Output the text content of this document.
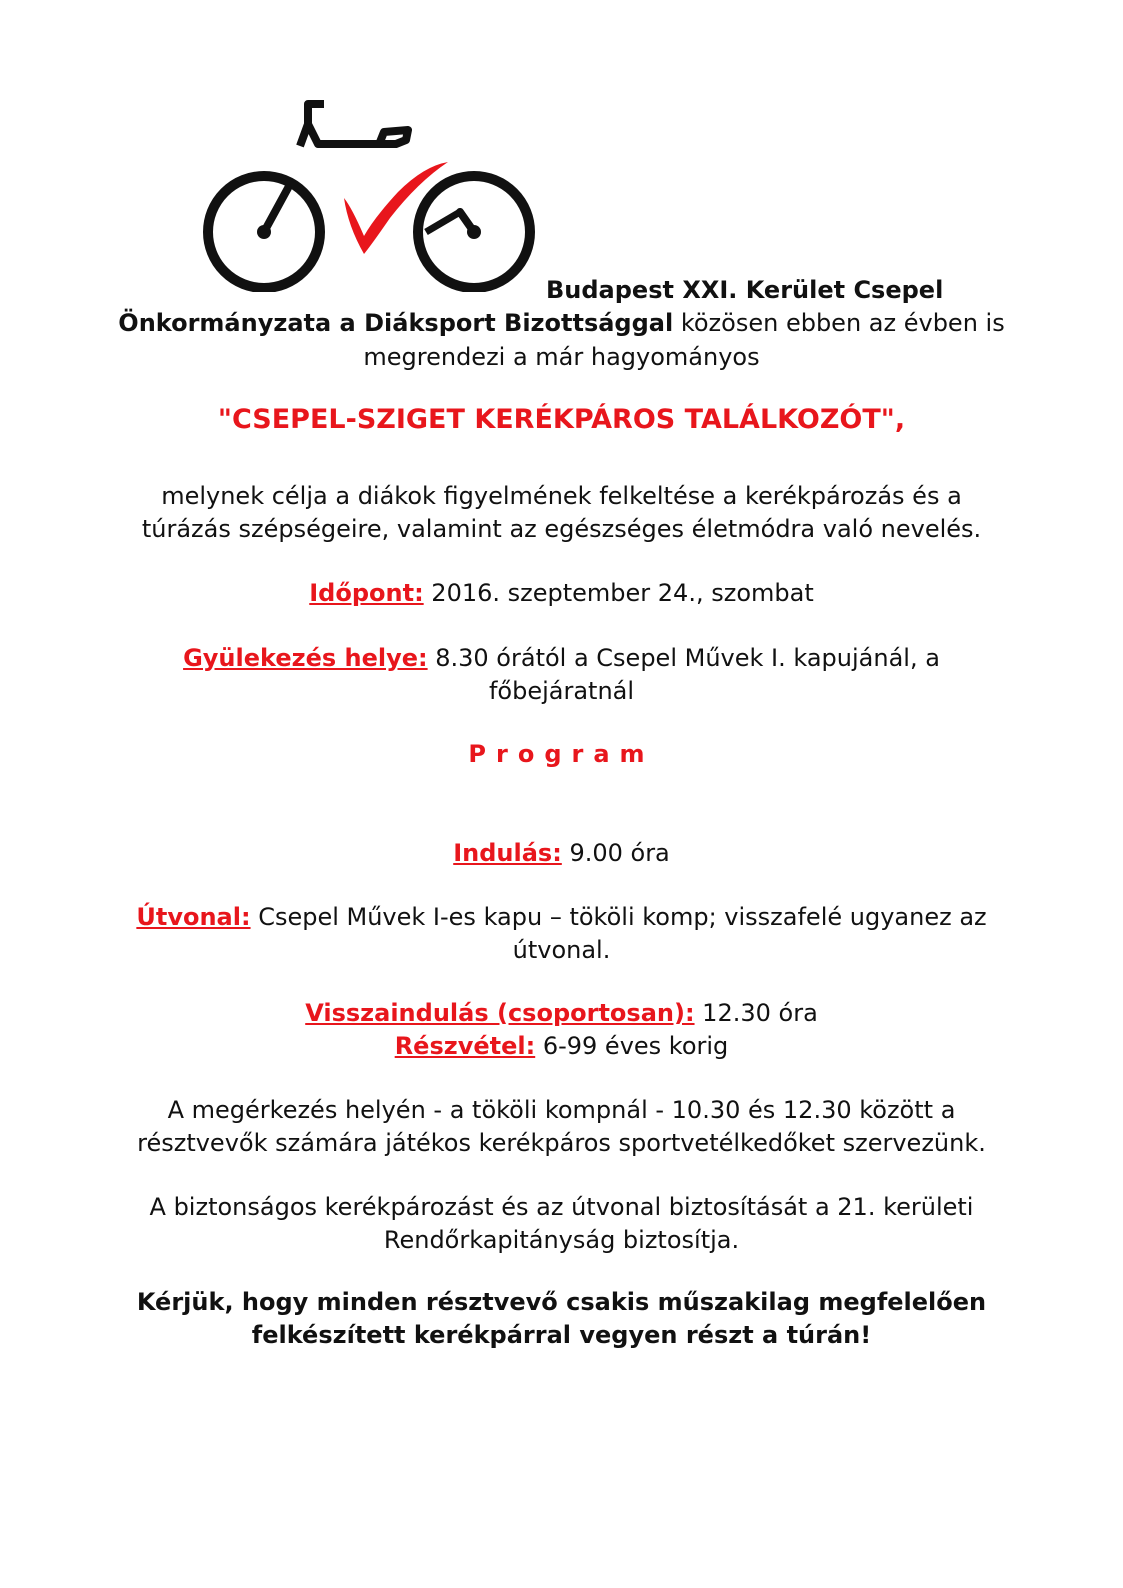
Budapest XXI. Kerület Csepel
Önkormányzata a Diáksport Bizottsággal közösen ebben az évben is
megrendezi a már hagyományos
"CSEPEL-SZIGET KERÉKPÁROS TALÁLKOZÓT",
melynek célja a diákok figyelmének felkeltése a kerékpározás és a
túrázás szépségeire, valamint az egészséges életmódra való nevelés.
Időpont: 2016. szeptember 24., szombat
Gyülekezés helye: 8.30 órától a Csepel Művek I. kapujánál, a
főbejáratnál
Program
Indulás: 9.00 óra
Útvonal: Csepel Művek I-es kapu – tököli komp; visszafelé ugyanez az
útvonal.
Visszaindulás (csoportosan): 12.30 óra
Részvétel: 6-99 éves korig
A megérkezés helyén - a tököli kompnál - 10.30 és 12.30 között a
résztvevők számára játékos kerékpáros sportvetélkedőket szervezünk.
A biztonságos kerékpározást és az útvonal biztosítását a 21. kerületi
Rendőrkapitányság biztosítja.
Kérjük, hogy minden résztvevő csakis műszakilag megfelelően
felkészített kerékpárral vegyen részt a túrán!
